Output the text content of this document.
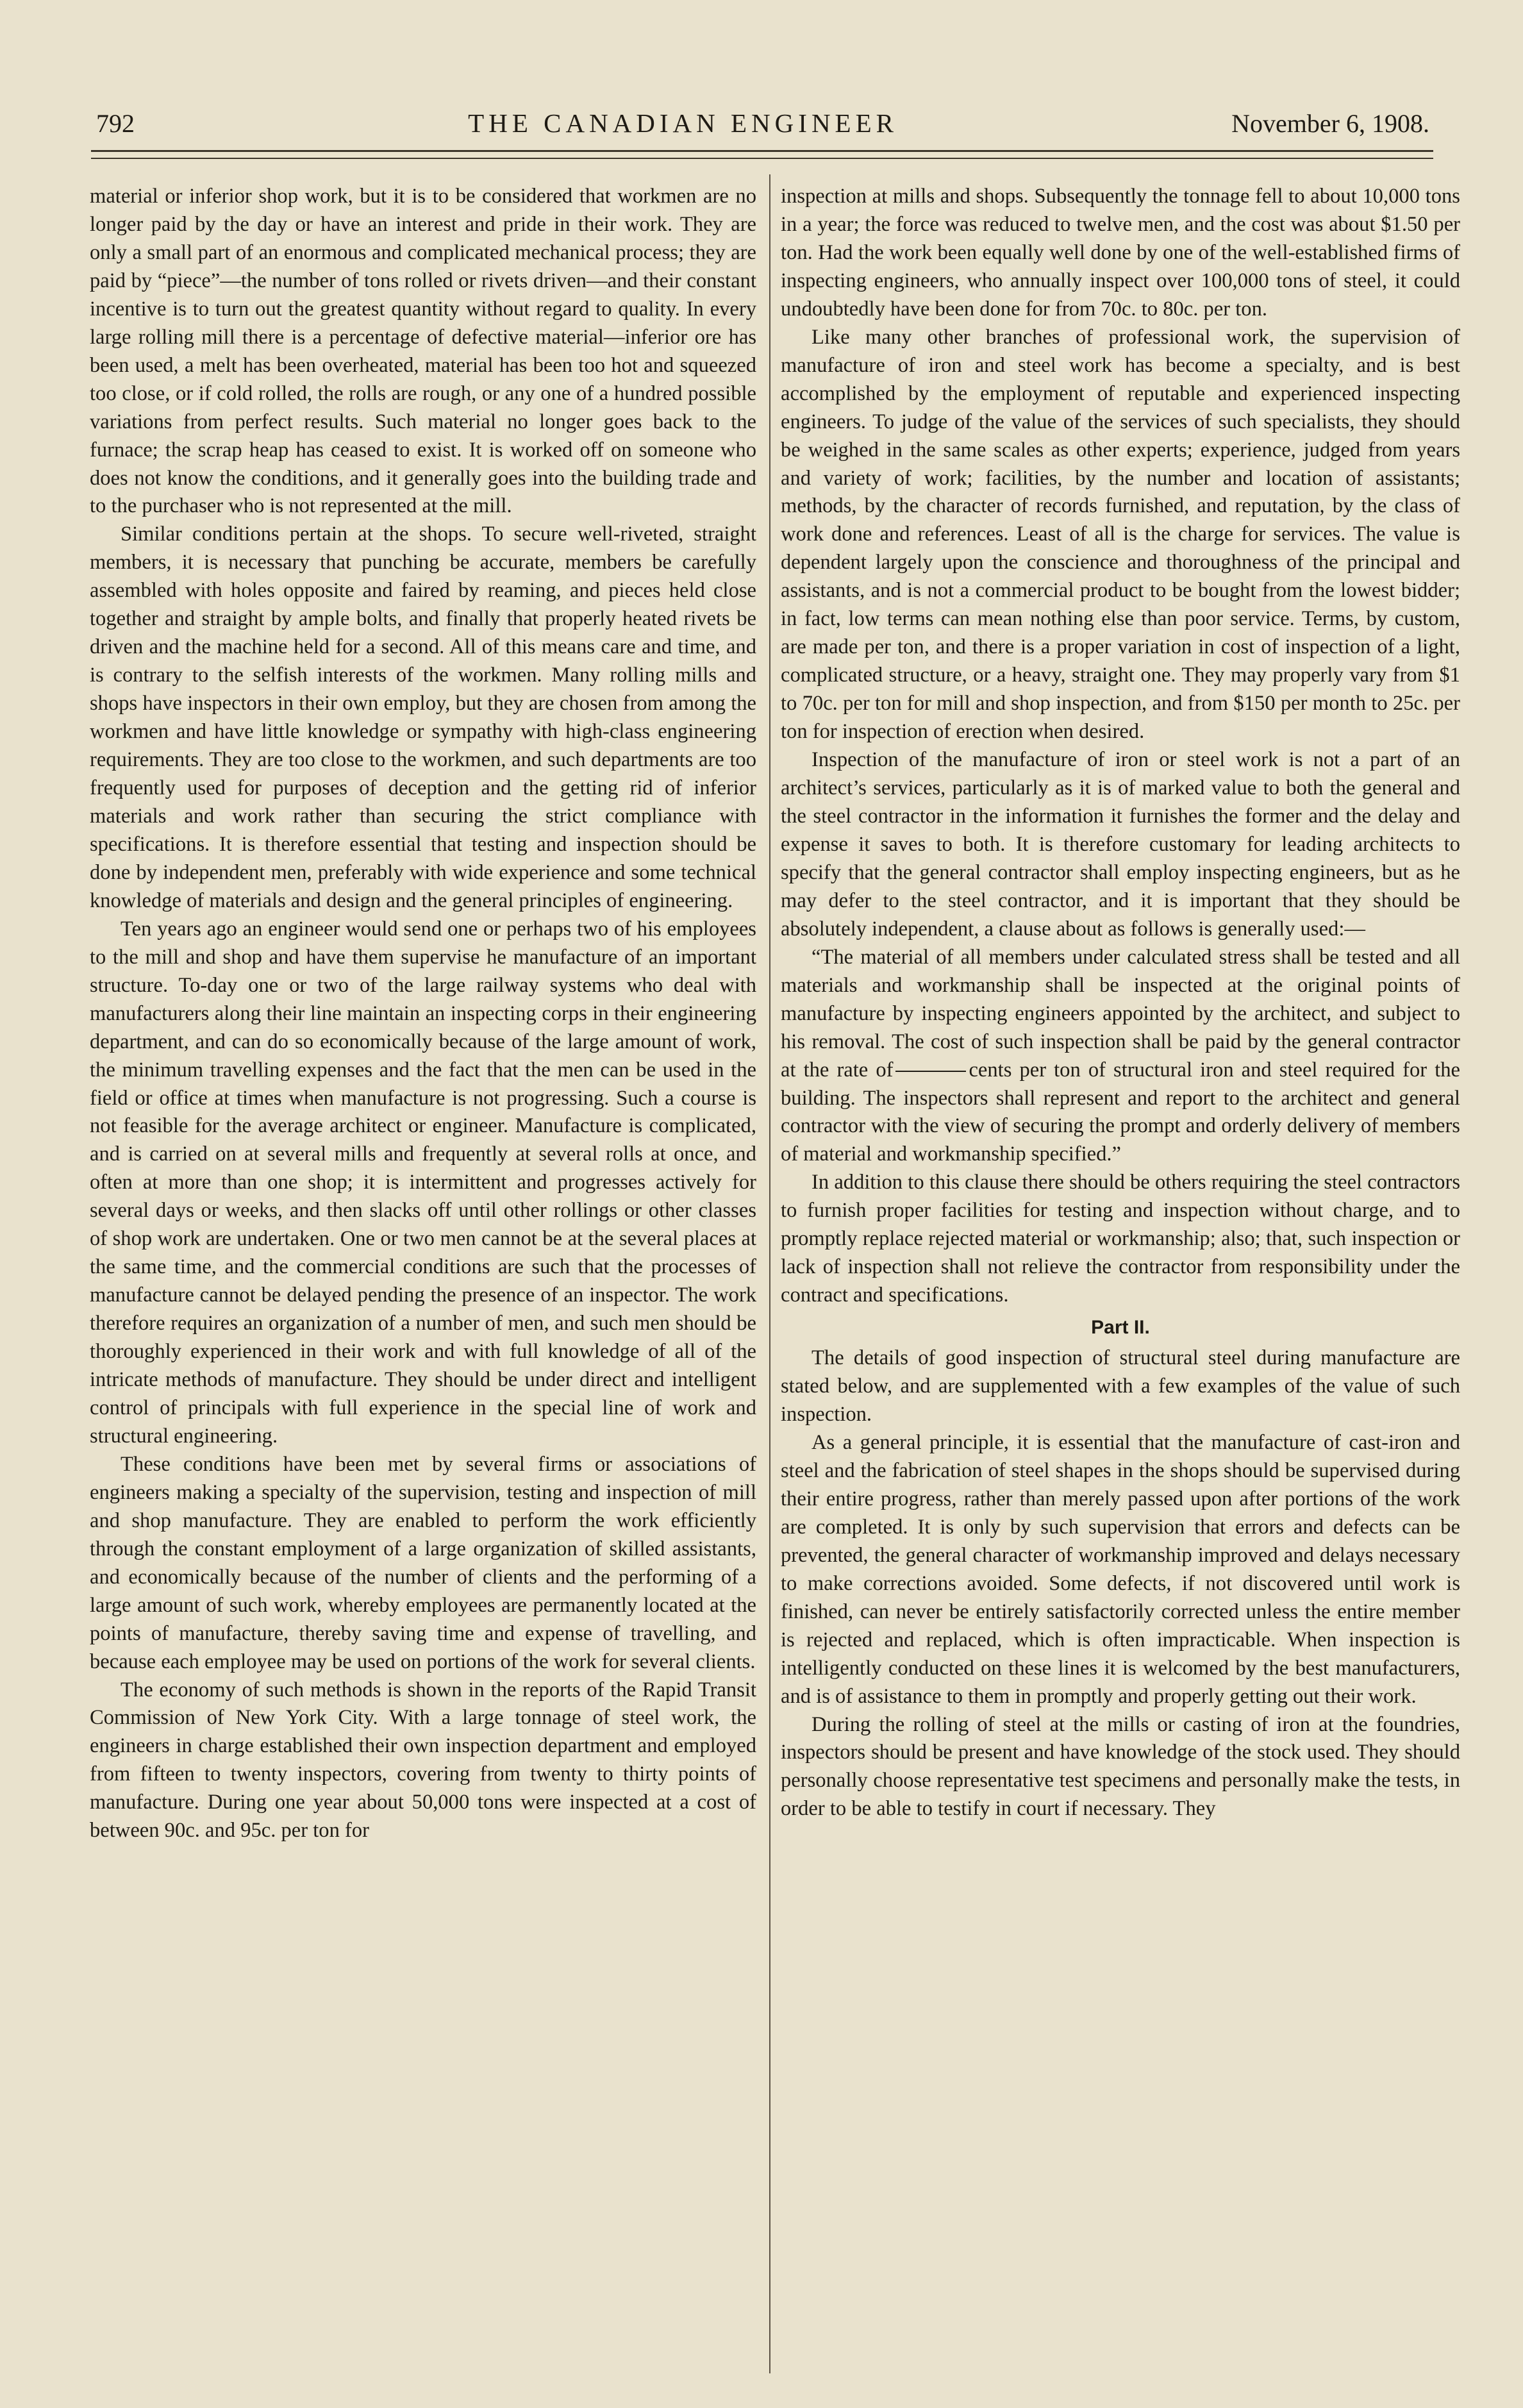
792	THE CANADIAN ENGINEER	November 6, 1908.

material or inferior shop work, but it is to be considered that workmen are no longer paid by the day or have an interest and pride in their work. They are only a small part of an enormous and complicated mechanical process; they are paid by “piece”—the number of tons rolled or rivets driven—and their constant incentive is to turn out the greatest quantity without regard to quality. In every large rolling mill there is a percentage of defective material—inferior ore has been used, a melt has been overheated, material has been too hot and squeezed too close, or if cold rolled, the rolls are rough, or any one of a hundred possible variations from perfect results. Such material no longer goes back to the furnace; the scrap heap has ceased to exist. It is worked off on someone who does not know the conditions, and it generally goes into the building trade and to the purchaser who is not represented at the mill.

Similar conditions pertain at the shops. To secure well-riveted, straight members, it is necessary that punching be accurate, members be carefully assembled with holes opposite and faired by reaming, and pieces held close together and straight by ample bolts, and finally that properly heated rivets be driven and the machine held for a second. All of this means care and time, and is contrary to the selfish interests of the workmen. Many rolling mills and shops have inspectors in their own employ, but they are chosen from among the workmen and have little knowledge or sympathy with high-class engineering requirements. They are too close to the workmen, and such departments are too frequently used for purposes of deception and the getting rid of inferior materials and work rather than securing the strict compliance with specifications. It is therefore essential that testing and inspection should be done by independent men, preferably with wide experience and some technical knowledge of materials and design and the general principles of engineering.

Ten years ago an engineer would send one or perhaps two of his employees to the mill and shop and have them supervise he manufacture of an important structure. To-day one or two of the large railway systems who deal with manufacturers along their line maintain an inspecting corps in their engineering department, and can do so economically because of the large amount of work, the minimum travelling expenses and the fact that the men can be used in the field or office at times when manufacture is not progressing. Such a course is not feasible for the average architect or engineer. Manufacture is complicated, and is carried on at several mills and frequently at several rolls at once, and often at more than one shop; it is intermittent and progresses actively for several days or weeks, and then slacks off until other rollings or other classes of shop work are undertaken. One or two men cannot be at the several places at the same time, and the commercial conditions are such that the processes of manufacture cannot be delayed pending the presence of an inspector. The work therefore requires an organization of a number of men, and such men should be thoroughly experienced in their work and with full knowledge of all of the intricate methods of manufacture. They should be under direct and intelligent control of principals with full experience in the special line of work and structural engineering.

These conditions have been met by several firms or associations of engineers making a specialty of the supervision, testing and inspection of mill and shop manufacture. They are enabled to perform the work efficiently through the constant employment of a large organization of skilled assistants, and economically because of the number of clients and the performing of a large amount of such work, whereby employees are permanently located at the points of manufacture, thereby saving time and expense of travelling, and because each employee may be used on portions of the work for several clients.

The economy of such methods is shown in the reports of the Rapid Transit Commission of New York City. With a large tonnage of steel work, the engineers in charge established their own inspection department and employed from fifteen to twenty inspectors, covering from twenty to thirty points of manufacture. During one year about 50,000 tons were inspected at a cost of between 90c. and 95c. per ton for

inspection at mills and shops. Subsequently the tonnage fell to about 10,000 tons in a year; the force was reduced to twelve men, and the cost was about $1.50 per ton. Had the work been equally well done by one of the well-established firms of inspecting engineers, who annually inspect over 100,000 tons of steel, it could undoubtedly have been done for from 70c. to 80c. per ton.

Like many other branches of professional work, the supervision of manufacture of iron and steel work has become a specialty, and is best accomplished by the employment of reputable and experienced inspecting engineers. To judge of the value of the services of such specialists, they should be weighed in the same scales as other experts; experience, judged from years and variety of work; facilities, by the number and location of assistants; methods, by the character of records furnished, and reputation, by the class of work done and references. Least of all is the charge for services. The value is dependent largely upon the conscience and thoroughness of the principal and assistants, and is not a commercial product to be bought from the lowest bidder; in fact, low terms can mean nothing else than poor service. Terms, by custom, are made per ton, and there is a proper variation in cost of inspection of a light, complicated structure, or a heavy, straight one. They may properly vary from $1 to 70c. per ton for mill and shop inspection, and from $150 per month to 25c. per ton for inspection of erection when desired.

Inspection of the manufacture of iron or steel work is not a part of an architect’s services, particularly as it is of marked value to both the general and the steel contractor in the information it furnishes the former and the delay and expense it saves to both. It is therefore customary for leading architects to specify that the general contractor shall employ inspecting engineers, but as he may defer to the steel contractor, and it is important that they should be absolutely independent, a clause about as follows is generally used:—

“The material of all members under calculated stress shall be tested and all materials and workmanship shall be inspected at the original points of manufacture by inspecting engineers appointed by the architect, and subject to his removal. The cost of such inspection shall be paid by the general contractor at the rate of	cents per ton of structural iron and steel required for the building. The inspectors shall represent and report to the architect and general contractor with the view of securing the prompt and orderly delivery of members of material and workmanship specified.”

In addition to this clause there should be others requiring the steel contractors to furnish proper facilities for testing and inspection without charge, and to promptly replace rejected material or workmanship; also; that, such inspection or lack of inspection shall not relieve the contractor from responsibility under the contract and specifications.

Part II.

The details of good inspection of structural steel during manufacture are stated below, and are supplemented with a few examples of the value of such inspection.

As a general principle, it is essential that the manufacture of cast-iron and steel and the fabrication of steel shapes in the shops should be supervised during their entire progress, rather than merely passed upon after portions of the work are completed. It is only by such supervision that errors and defects can be prevented, the general character of workmanship improved and delays necessary to make corrections avoided. Some defects, if not discovered until work is finished, can never be entirely satisfactorily corrected unless the entire member is rejected and replaced, which is often impracticable. When inspection is intelligently conducted on these lines it is welcomed by the best manufacturers, and is of assistance to them in promptly and properly getting out their work.

During the rolling of steel at the mills or casting of iron at the foundries, inspectors should be present and have knowledge of the stock used. They should personally choose representative test specimens and personally make the tests, in order to be able to testify in court if necessary. They
